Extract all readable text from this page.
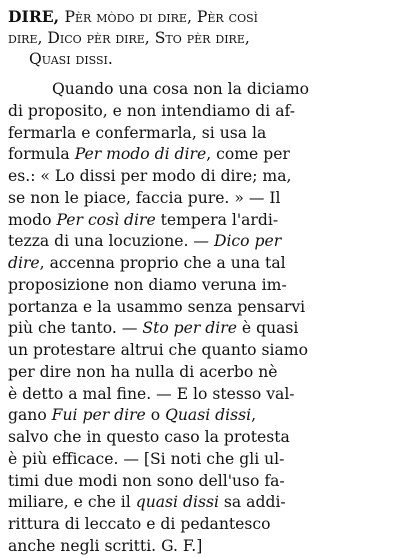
DIRE, Pèr mòdo di dire, Pèr così
dire, Dico pèr dire, Sto pèr dire,
Quasi dissi.
Quando una cosa non la diciamo
di proposito, e non intendiamo di af-
fermarla e confermarla, si usa la
formula Per modo di dire, come per
es.: « Lo dissi per modo di dire; ma,
se non le piace, faccia pure. » — Il
modo Per così dire tempera l'ardi-
tezza di una locuzione. — Dico per
dire, accenna proprio che a una tal
proposizione non diamo veruna im-
portanza e la usammo senza pensarvi
più che tanto. — Sto per dire è quasi
un protestare altrui che quanto siamo
per dire non ha nulla di acerbo nè
è detto a mal fine. — E lo stesso val-
gano Fui per dire o Quasi dissi,
salvo che in questo caso la protesta
è più efficace. — [Si noti che gli ul-
timi due modi non sono dell'uso fa-
miliare, e che il quasi dissi sa addi-
rittura di leccato e di pedantesco
anche negli scritti. G. F.]
